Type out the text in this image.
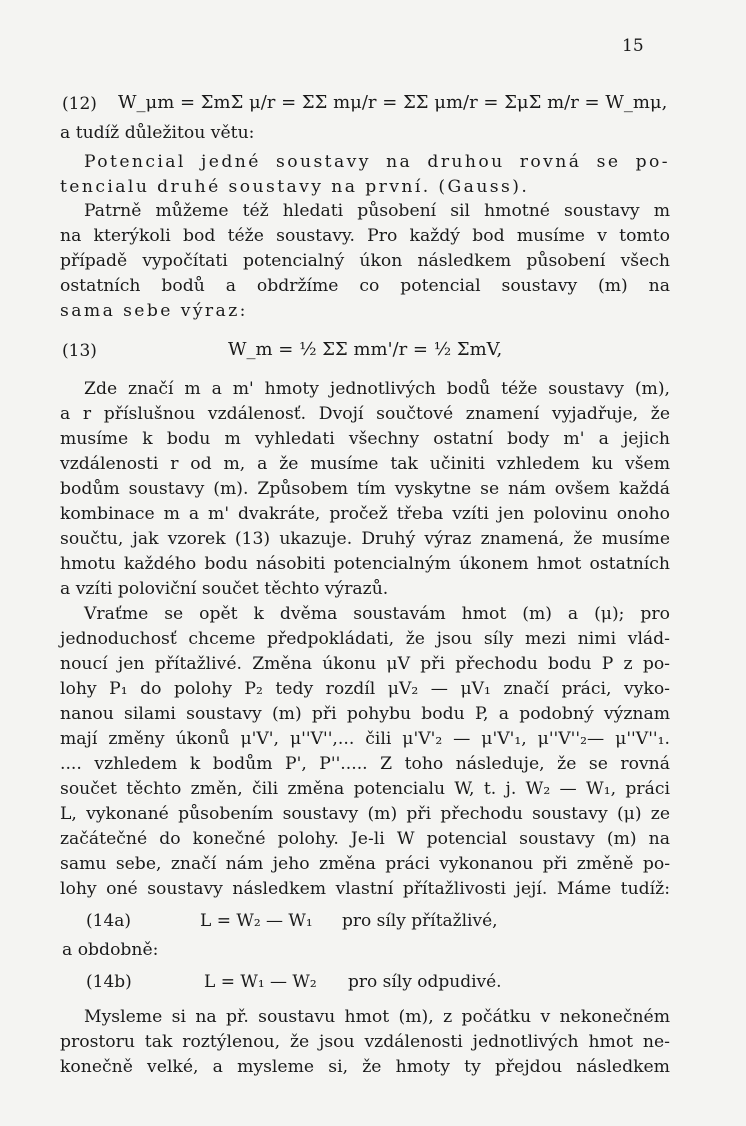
15
(12) W_μm = ΣmΣ μ/r = ΣΣ mμ/r = ΣΣ μm/r = ΣμΣ m/r = W_mμ,
a tudíž důležitou větu:
Potencial jedné soustavy na druhou rovná se po-
tencialu druhé soustavy na první. (Gauss).
Patrně můžeme též hledati působení sil hmotné soustavy m
na kterýkoli bod téže soustavy. Pro každý bod musíme v tomto
případě vypočítati potencialný úkon následkem působení všech
ostatních bodů a obdržíme co potencial soustavy (m) na
sama sebe výraz:
(13)	W_m = ½ ΣΣ mm'/r = ½ ΣmV,
Zde značí m a m' hmoty jednotlivých bodů téže soustavy (m),
a r příslušnou vzdálenosť. Dvojí součtové znamení vyjadřuje, že
musíme k bodu m vyhledati všechny ostatní body m' a jejich
vzdálenosti r od m, a že musíme tak učiniti vzhledem ku všem
bodům soustavy (m). Způsobem tím vyskytne se nám ovšem každá
kombinace m a m' dvakráte, pročež třeba vzíti jen polovinu onoho
součtu, jak vzorek (13) ukazuje. Druhý výraz znamená, že musíme
hmotu každého bodu násobiti potencialným úkonem hmot ostatních
a vzíti poloviční součet těchto výrazů.
Vraťme se opět k dvěma soustavám hmot (m) a (μ); pro
jednoduchosť chceme předpokládati, že jsou síly mezi nimi vlád-
noucí jen přítažlivé. Změna úkonu μV při přechodu bodu P z po-
lohy P₁ do polohy P₂ tedy rozdíl μV₂ — μV₁ značí práci, vyko-
nanou silami soustavy (m) při pohybu bodu P, a podobný význam
mají změny úkonů μ'V', μ''V'',... čili μ'V'₂ — μ'V'₁, μ''V''₂— μ''V''₁.
.... vzhledem k bodům P', P''..... Z toho následuje, že se rovná
součet těchto změn, čili změna potencialu W, t. j. W₂ — W₁, práci
L, vykonané působením soustavy (m) při přechodu soustavy (μ) ze
začátečné do konečné polohy. Je-li W potencial soustavy (m) na
samu sebe, značí nám jeho změna práci vykonanou při změně po-
lohy oné soustavy následkem vlastní přítažlivosti její. Máme tudíž:
(14a)	L = W₂ — W₁ pro síly přítažlivé,
a obdobně:
(14b)	L = W₁ — W₂ pro síly odpudivé.
Mysleme si na př. soustavu hmot (m), z počátku v nekonečném
prostoru tak roztýlenou, že jsou vzdálenosti jednotlivých hmot ne-
konečně velké, a mysleme si, že hmoty ty přejdou následkem
